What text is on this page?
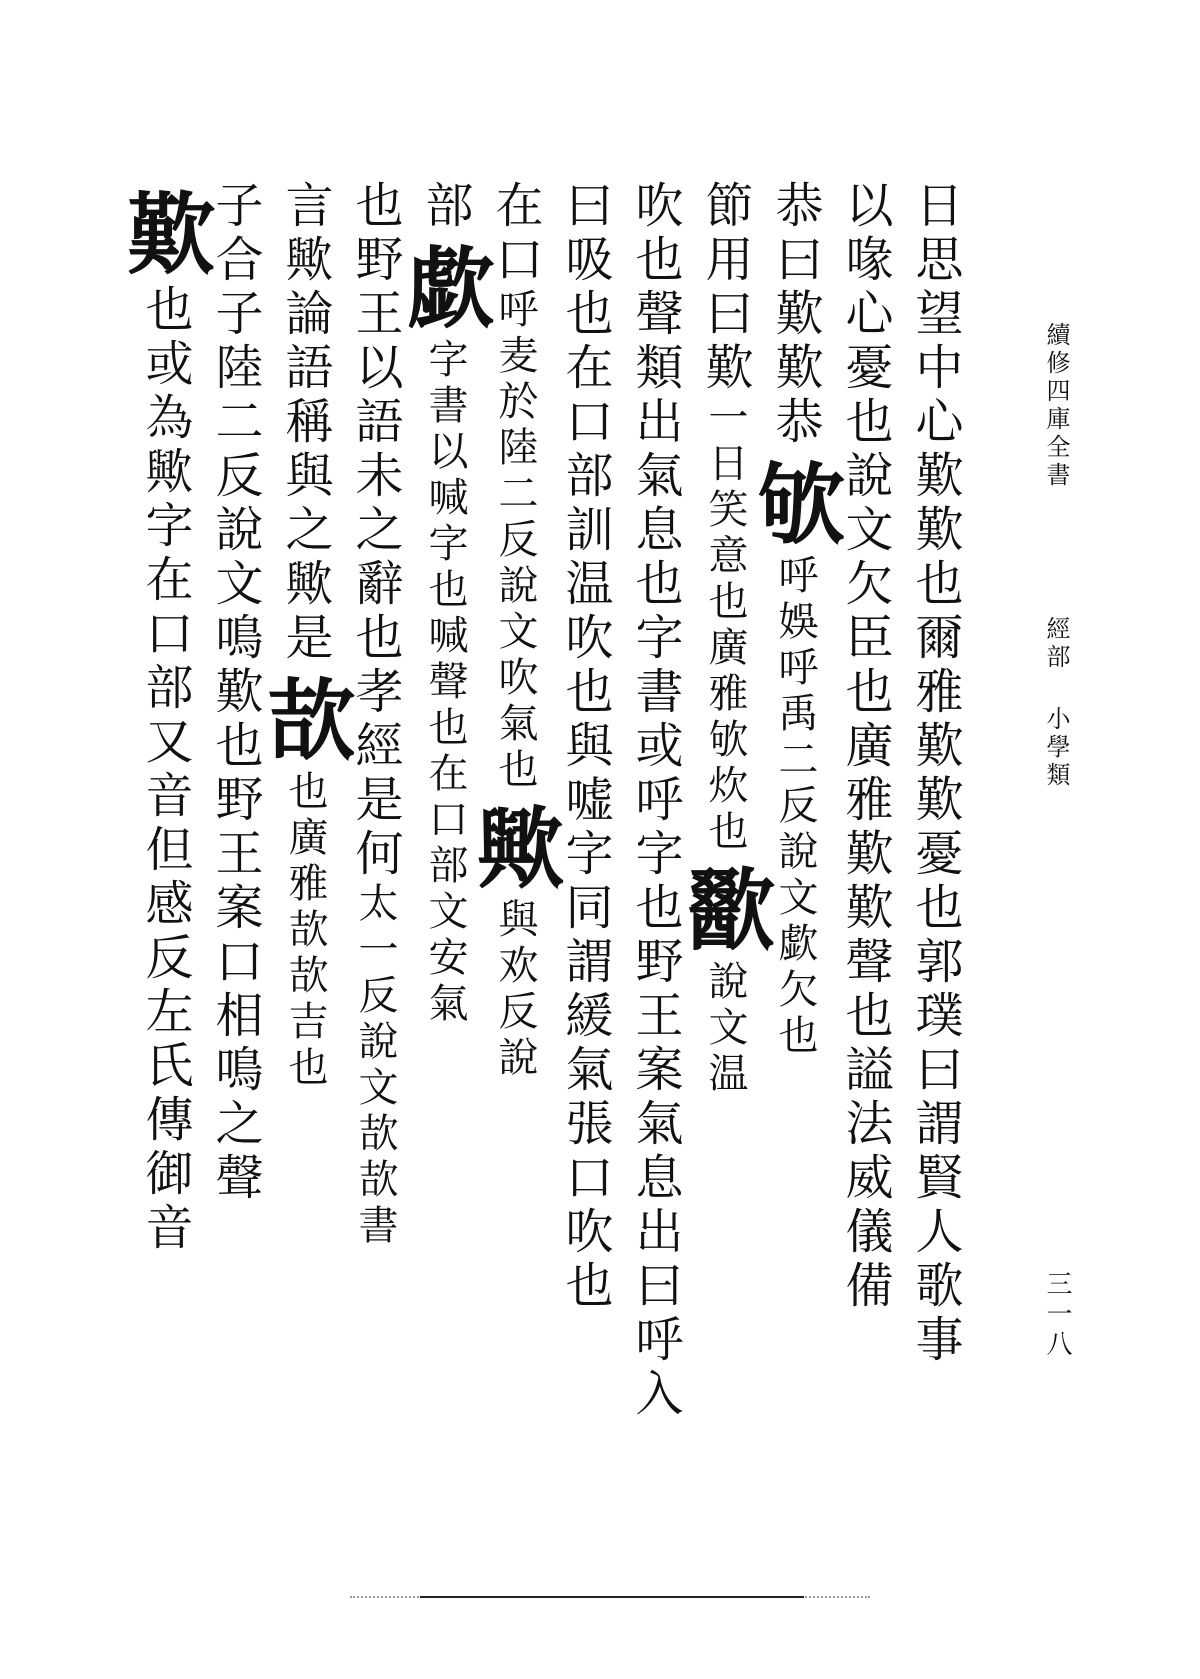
續修四庫全書
經部
小學類
三一八
日思望中心歎歎也爾雅歎歎憂也郭璞曰謂賢人歌事
以喙心憂也說文欠臣也廣雅歎歎聲也謚法威儀備
恭曰歎歎恭欨呼娛呼禹二反說文歔欠也
節用曰歎一日笑意也廣雅欨炊也歠說文温
吹也聲類出氣息也字書或呼字也野王案氣息出曰呼入
曰吸也在口部訓温吹也與嘘字同謂緩氣張口吹也
在口呼麦於陸二反說文吹氣也歟與欢反說
部歔字書以喊字也喊聲也在口部文安氣
也野王以語未之辭也孝經是何太一反說文欯欯書
言歟論語稱與之歟是欯也廣雅欯欯吉也
子合子陸二反說文鳴歎也野王案口相鳴之聲
歎也或為歟字在口部又音但感反左氏傳御音
